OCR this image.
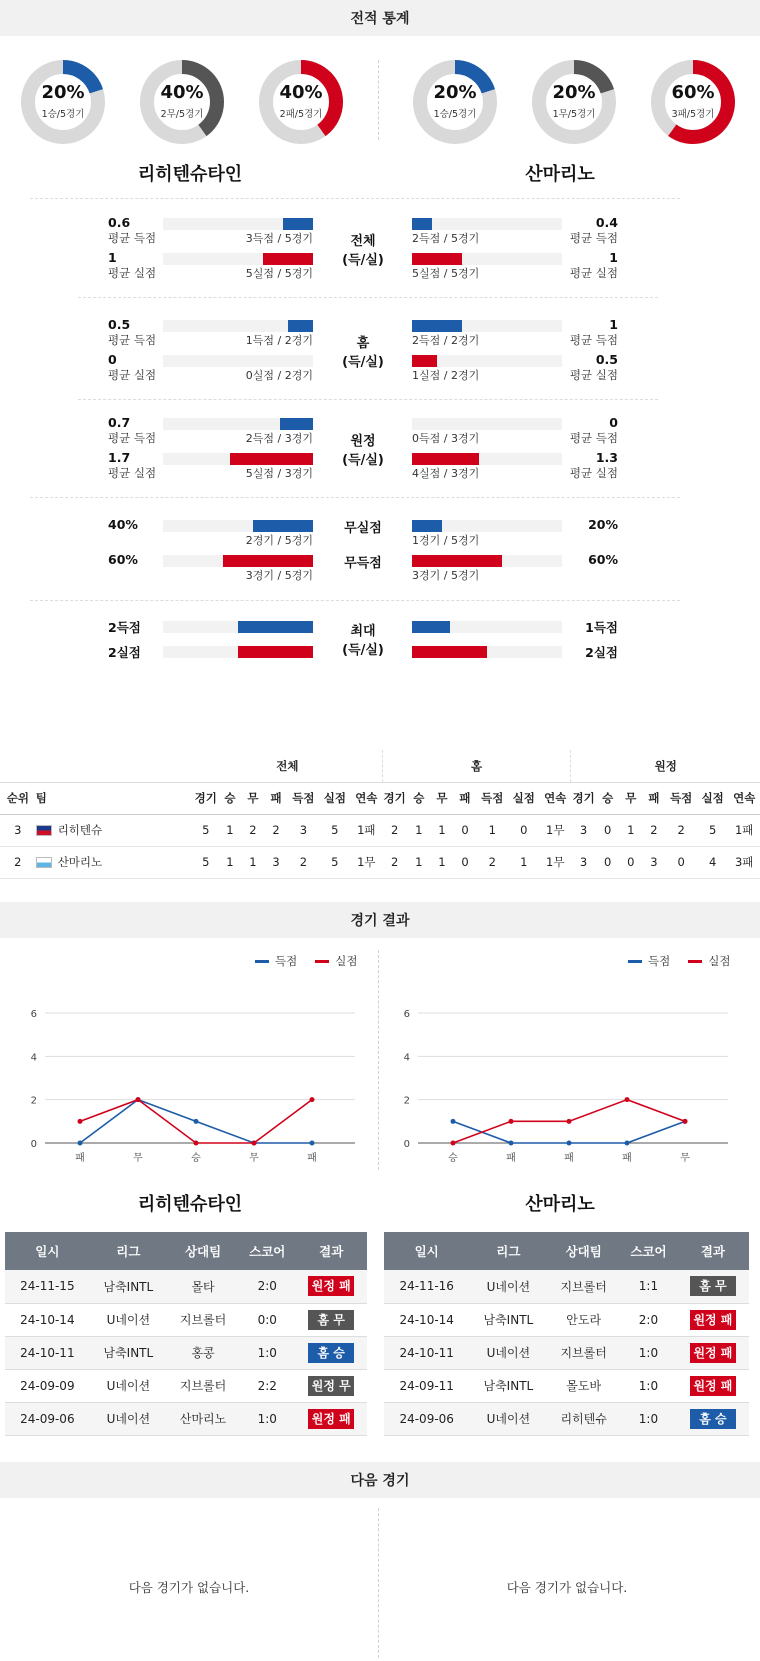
전적 통계
20%
1승/5경기
40%
2무/5경기
40%
2패/5경기
20%
1승/5경기
20%
1무/5경기
60%
3패/5경기
리히텐슈타인	산마리노
0.6
평균 득점
0.4
평균 득점
3득점 / 5경기	2득점 / 5경기
1
평균 실점
1
평균 실점
5실점 / 5경기	5실점 / 5경기
전체
(득/실)
0.5
평균 득점
1
평균 득점
1득점 / 2경기	2득점 / 2경기
0
평균 실점
0.5
평균 실점
0실점 / 2경기	1실점 / 2경기
홈
(득/실)
0.7
평균 득점
0
평균 득점
2득점 / 3경기	0득점 / 3경기
1.7
평균 실점
1.3
평균 실점
5실점 / 3경기	4실점 / 3경기
원정
(득/실)
40%	20%
2경기 / 5경기	1경기 / 5경기
무실점
60%	60%
3경기 / 5경기	3경기 / 5경기
무득점
2득점	1득점
2실점	2실점
최대
(득/실)
		전체							홈							원정						
순위	팀	경기	승	무	패	득점	실점	연속	경기	승	무	패	득점	실점	연속	경기	승	무	패	득점	실점	연속
3	리히텐슈	5	1	2	2	3	5	1패	2	1	1	0	1	0	1무	3	0	1	2	2	5	1패
2	산마리노	5	1	1	3	2	5	1무	2	1	1	0	2	1	1무	3	0	0	3	0	4	3패
경기 결과
득점	실점
0
2
4
6
패	무	승	무	패
득점	실점
0
2
4
6
승	패	패	패	무
리히텐슈타인	산마리노
일시	리그	상대팀	스코어	결과
24-11-15	남축INTL	몰타	2:0	원정 패
24-10-14	U네이션	지브롤터	0:0	홈 무
24-10-11	남축INTL	홍콩	1:0	홈 승
24-09-09	U네이션	지브롤터	2:2	원정 무
24-09-06	U네이션	산마리노	1:0	원정 패
일시	리그	상대팀	스코어	결과
24-11-16	U네이션	지브롤터	1:1	홈 무
24-10-14	남축INTL	안도라	2:0	원정 패
24-10-11	U네이션	지브롤터	1:0	원정 패
24-09-11	남축INTL	몰도바	1:0	원정 패
24-09-06	U네이션	리히텐슈	1:0	홈 승
다음 경기
다음 경기가 없습니다.	다음 경기가 없습니다.
